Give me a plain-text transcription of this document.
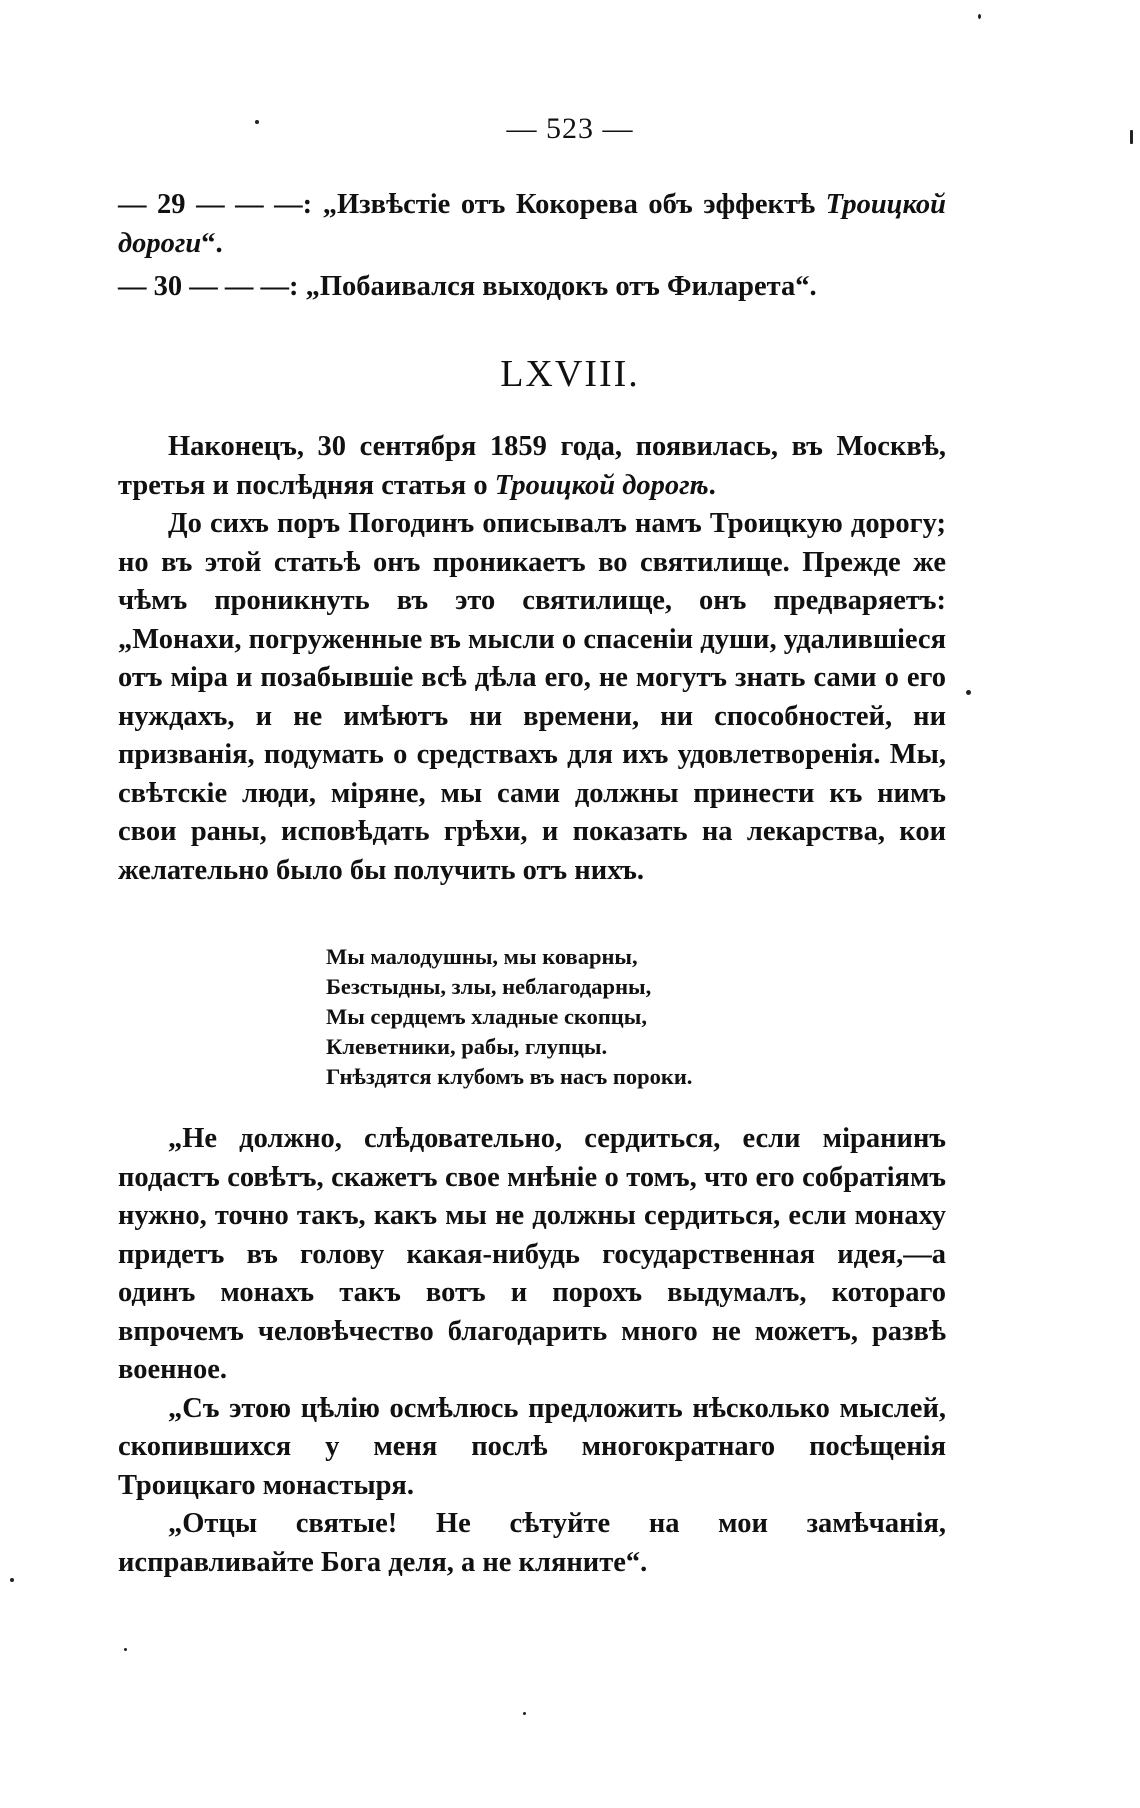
— 523 —

— 29 — — —: „Извѣстіе отъ Кокорева объ эффектѣ Троицкой дороги“.

— 30 — — —: „Побаивался выходокъ отъ Филарета“.

LXVIII.

Наконецъ, 30 сентября 1859 года, появилась, въ Москвѣ, третья и послѣдняя статья о Троицкой дорогѣ.

До сихъ поръ Погодинъ описывалъ намъ Троицкую дорогу; но въ этой статьѣ онъ проникаетъ во святилище. Прежде же чѣмъ проникнуть въ это святилище, онъ предваряетъ: „Монахи, погруженные въ мысли о спасеніи души, удалившіеся отъ міра и позабывшіе всѣ дѣла его, не могутъ знать сами о его нуждахъ, и не имѣютъ ни времени, ни способностей, ни призванія, подумать о средствахъ для ихъ удовлетворенія. Мы, свѣтскіе люди, міряне, мы сами должны принести къ нимъ свои раны, исповѣдать грѣхи, и показать на лекарства, кои желательно было бы получить отъ нихъ.

Мы малодушны, мы коварны,
Безстыдны, злы, неблагодарны,
Мы сердцемъ хладные скопцы,
Клеветники, рабы, глупцы.
Гнѣздятся клубомъ въ насъ пороки.

„Не должно, слѣдовательно, сердиться, если міранинъ подастъ совѣтъ, скажетъ свое мнѣніе о томъ, что его собратіямъ нужно, точно такъ, какъ мы не должны сердиться, если монаху придетъ въ голову какая-нибудь государственная идея,—а одинъ монахъ такъ вотъ и порохъ выдумалъ, котораго впрочемъ человѣчество благодарить много не можетъ, развѣ военное.

„Съ этою цѣлію осмѣлюсь предложить нѣсколько мыслей, скопившихся у меня послѣ многократнаго посѣщенія Троицкаго монастыря.

„Отцы святые! Не сѣтуйте на мои замѣчанія, исправливайте Бога деля, а не кляните“.
